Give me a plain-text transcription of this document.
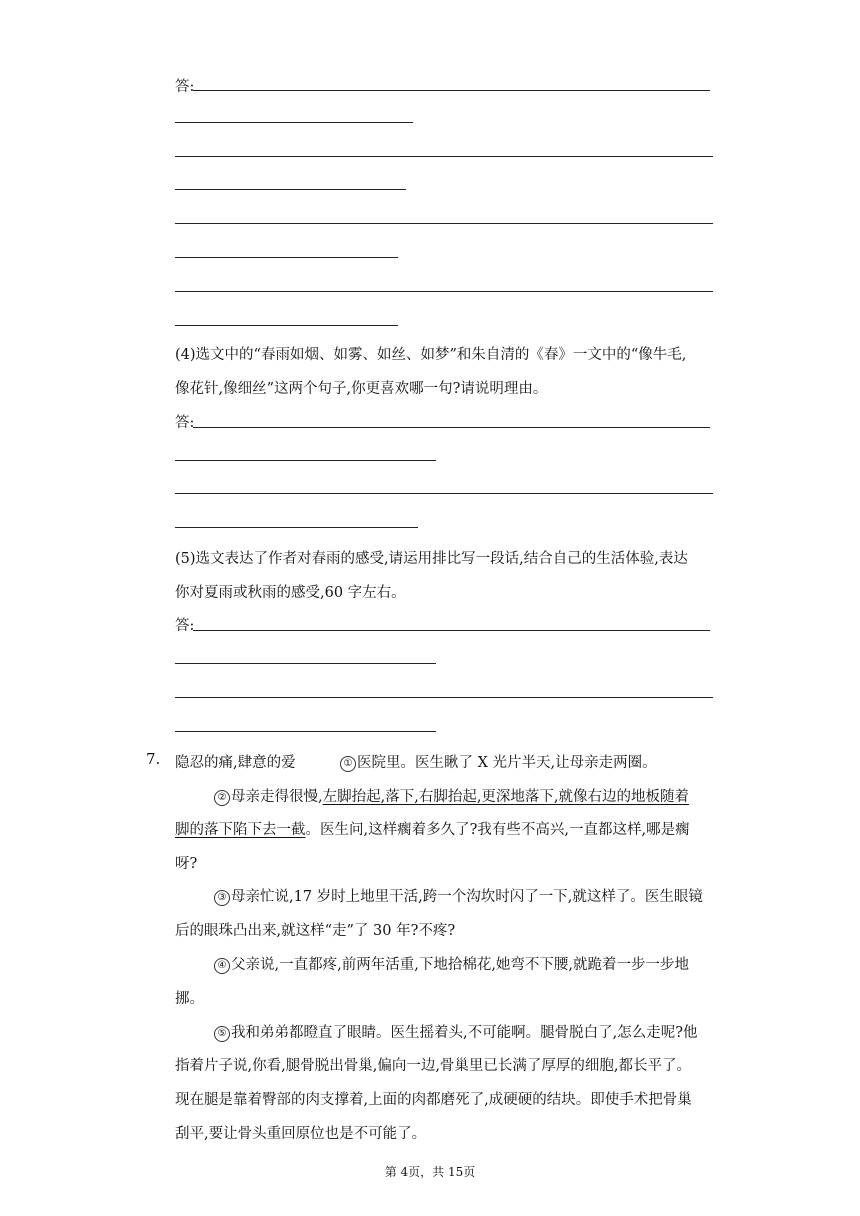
答:
(4)选文中的“春雨如烟、如雾、如丝、如梦”和朱自清的《春》一文中的“像牛毛,
像花针,像细丝”这两个句子,你更喜欢哪一句?请说明理由。
答:
(5)选文表达了作者对春雨的感受,请运用排比写一段话,结合自己的生活体验,表达
你对夏雨或秋雨的感受,60 字左右。
答:
7. 隐忍的痛,肆意的爱	① 医院里。医生瞅了 X 光片半天,让母亲走两圈。
② 母亲走得很慢,左脚抬起,落下,右脚抬起,更深地落下,就像右边的地板随着
脚的落下陷下去一截。医生问,这样瘸着多久了?我有些不高兴,一直都这样,哪是瘸
呀?
③ 母亲忙说,17 岁时上地里干活,跨一个沟坎时闪了一下,就这样了。医生眼镜
后的眼珠凸出来,就这样“走”了 30 年?不疼?
④ 父亲说,一直都疼,前两年活重,下地拾棉花,她弯不下腰,就跪着一步一步地
挪。
⑤ 我和弟弟都瞪直了眼睛。医生摇着头,不可能啊。腿骨脱白了,怎么走呢?他
指着片子说,你看,腿骨脱出骨巢,偏向一边,骨巢里已长满了厚厚的细胞,都长平了。
现在腿是靠着臀部的肉支撑着,上面的肉都磨死了,成硬硬的结块。即使手术把骨巢
刮平,要让骨头重回原位也是不可能了。
第 4页，共 15页
